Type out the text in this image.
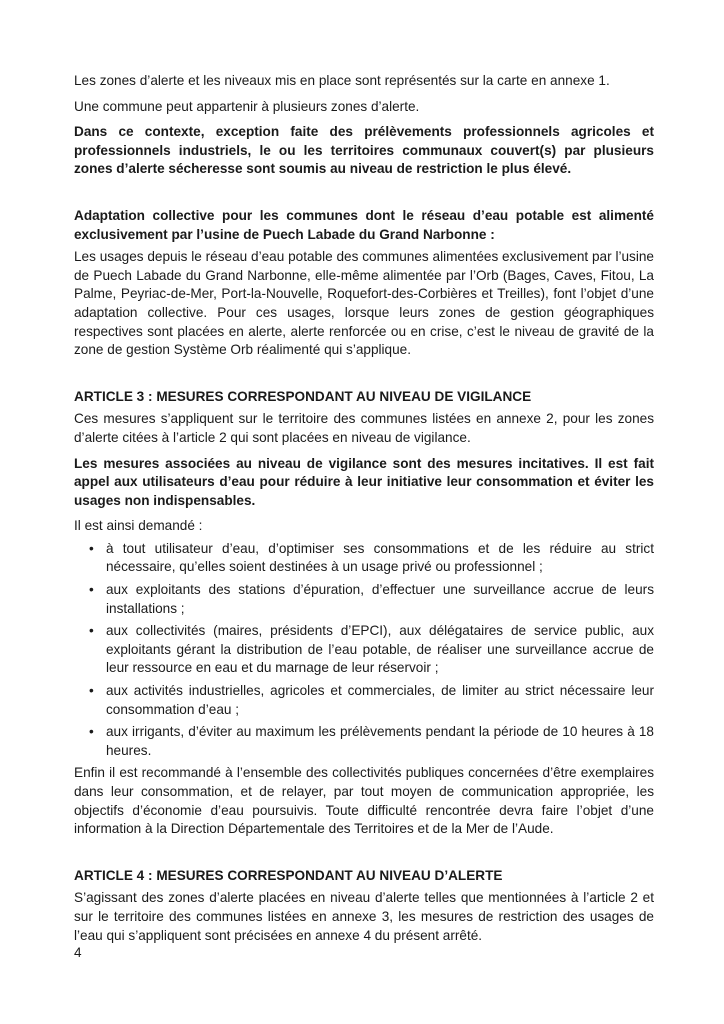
Les zones d’alerte et les niveaux mis en place sont représentés sur la carte en annexe 1.

Une commune peut appartenir à plusieurs zones d’alerte.

Dans ce contexte, exception faite des prélèvements professionnels agricoles et professionnels industriels, le ou les territoires communaux couvert(s) par plusieurs zones d’alerte sécheresse sont soumis au niveau de restriction le plus élevé.

Adaptation collective pour les communes dont le réseau d’eau potable est alimenté exclusivement par l’usine de Puech Labade du Grand Narbonne :

Les usages depuis le réseau d’eau potable des communes alimentées exclusivement par l’usine de Puech Labade du Grand Narbonne, elle-même alimentée par l’Orb (Bages, Caves, Fitou, La Palme, Peyriac-de-Mer, Port-la-Nouvelle, Roquefort-des-Corbières et Treilles), font l’objet d’une adaptation collective. Pour ces usages, lorsque leurs zones de gestion géographiques respectives sont placées en alerte, alerte renforcée ou en crise, c’est le niveau de gravité de la zone de gestion Système Orb réalimenté qui s’applique.

ARTICLE 3 : MESURES CORRESPONDANT AU NIVEAU DE VIGILANCE

Ces mesures s’appliquent sur le territoire des communes listées en annexe 2, pour les zones d’alerte citées à l’article 2 qui sont placées en niveau de vigilance.

Les mesures associées au niveau de vigilance sont des mesures incitatives. Il est fait appel aux utilisateurs d’eau pour réduire à leur initiative leur consommation et éviter les usages non indispensables.

Il est ainsi demandé :

• à tout utilisateur d’eau, d’optimiser ses consommations et de les réduire au strict nécessaire, qu’elles soient destinées à un usage privé ou professionnel ;
• aux exploitants des stations d’épuration, d’effectuer une surveillance accrue de leurs installations ;
• aux collectivités (maires, présidents d’EPCI), aux délégataires de service public, aux exploitants gérant la distribution de l’eau potable, de réaliser une surveillance accrue de leur ressource en eau et du marnage de leur réservoir ;
• aux activités industrielles, agricoles et commerciales, de limiter au strict nécessaire leur consommation d’eau ;
• aux irrigants, d’éviter au maximum les prélèvements pendant la période de 10 heures à 18 heures.

Enfin il est recommandé à l’ensemble des collectivités publiques concernées d’être exemplaires dans leur consommation, et de relayer, par tout moyen de communication appropriée, les objectifs d’économie d’eau poursuivis. Toute difficulté rencontrée devra faire l’objet d’une information à la Direction Départementale des Territoires et de la Mer de l’Aude.

ARTICLE 4 : MESURES CORRESPONDANT AU NIVEAU D’ALERTE

S’agissant des zones d’alerte placées en niveau d’alerte telles que mentionnées à l’article 2 et sur le territoire des communes listées en annexe 3, les mesures de restriction des usages de l’eau qui s’appliquent sont précisées en annexe 4 du présent arrêté.

4
